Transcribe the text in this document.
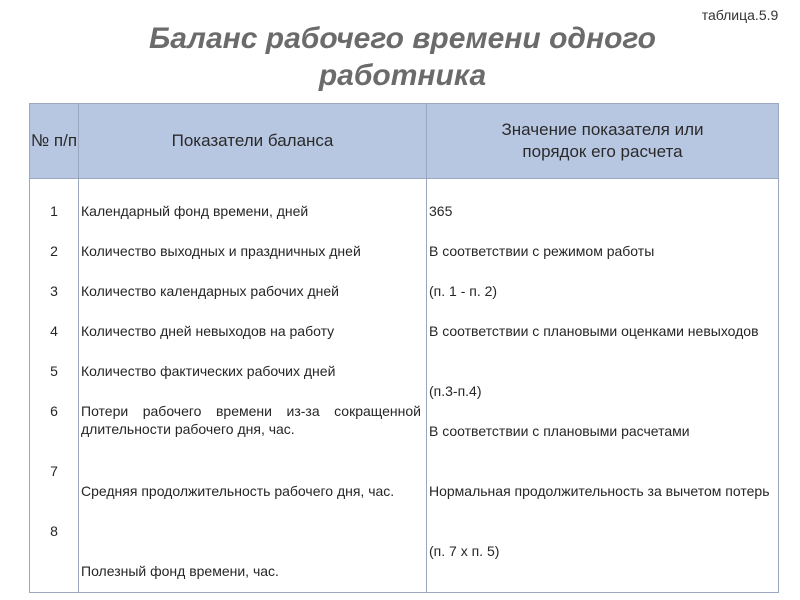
таблица.5.9
Баланс рабочего времени одного работника
№ п/п	Показатели баланса
Значение показателя или порядок его расчета
1
2
3
4
5
6
7
8
Календарный фонд времени, дней
Количество выходных и праздничных дней
Количество календарных рабочих дней
Количество дней невыходов на работу
Количество фактических рабочих дней
Потери рабочего времени из-за сокращенной длительности рабочего дня, час.
Средняя продолжительность рабочего дня, час.
Полезный фонд времени, час.
365
В соответствии с режимом работы
(п. 1 - п. 2)
В соответствии с плановыми оценками невыходов
(п.3-п.4)
В соответствии с плановыми расчетами
Нормальная продолжительность за вычетом потерь
(п. 7 х п. 5)
